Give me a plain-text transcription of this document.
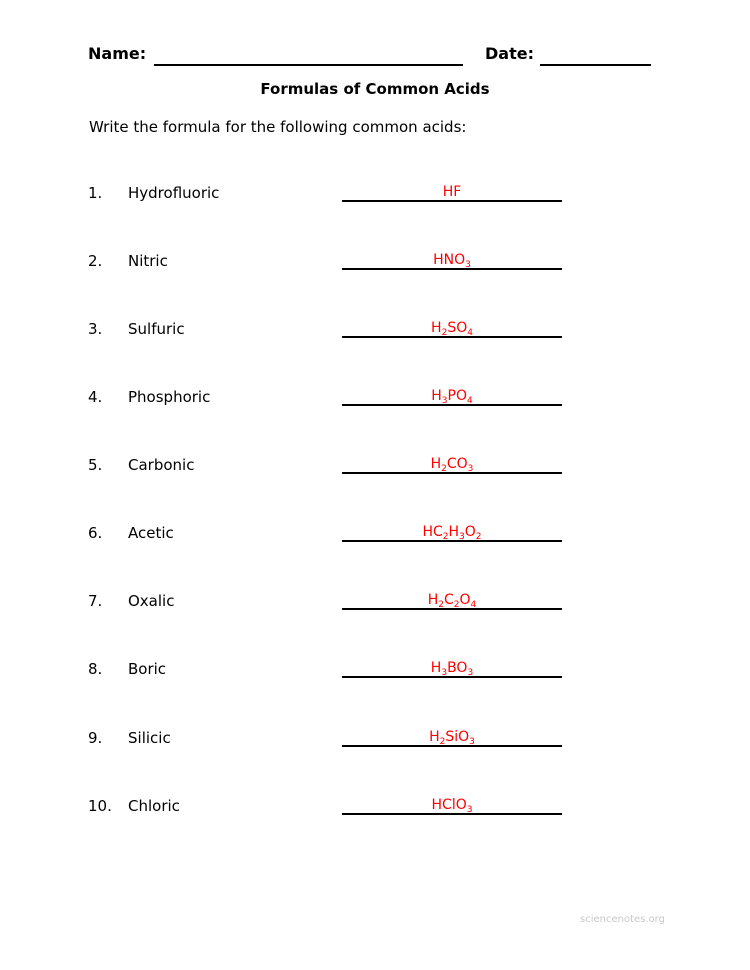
Name:	Date:
Formulas of Common Acids
Write the formula for the following common acids:
1. Hydrofluoric	HF
2. Nitric	$HNO_3$
3. Sulfuric	$H_2SO_4$
4. Phosphoric	$H_3PO_4$
5. Carbonic	$H_2CO_3$
6. Acetic	$HC_2H_3O_2$
7. Oxalic	$H_2C_2O_4$
8. Boric	$H_3BO_3$
9. Silicic	$H_2SiO_3$
10. Chloric	HClO$_3$
sciencenotes.org
